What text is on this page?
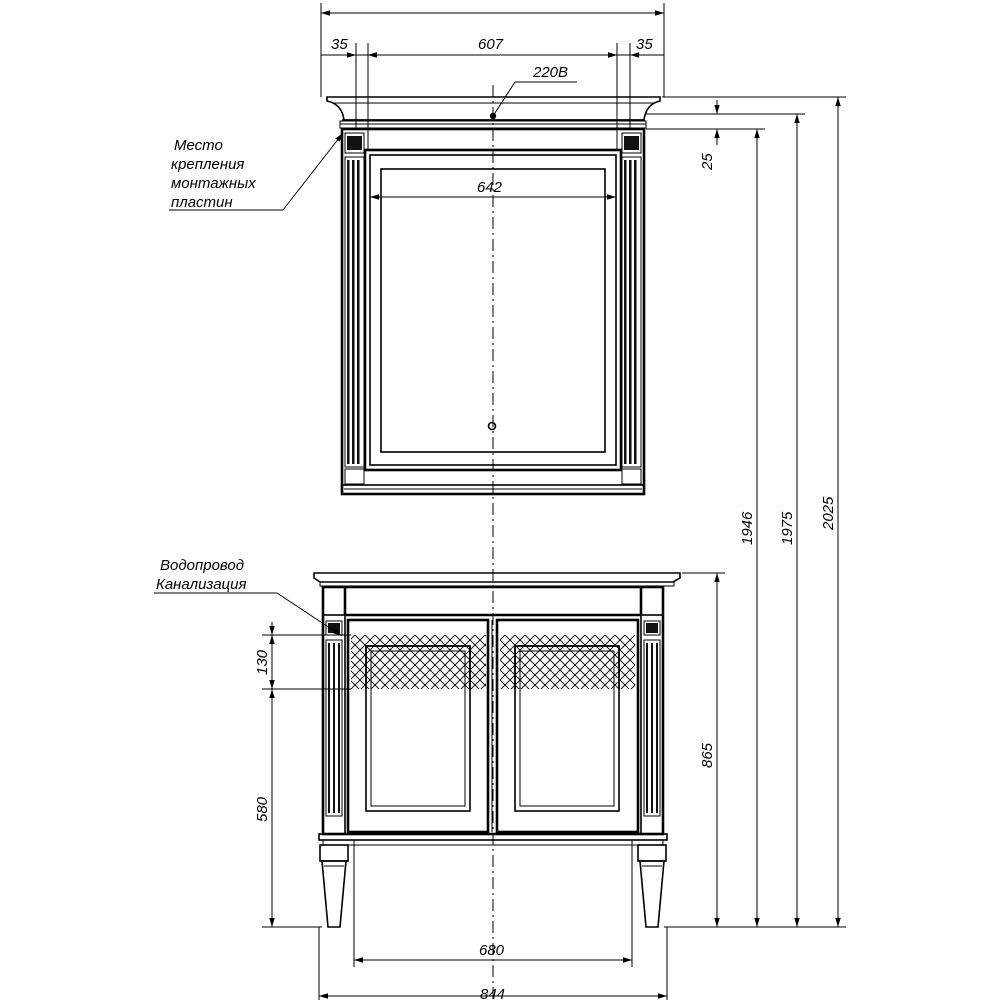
35	607	35
220В
642
25
1946 1975 2025
865
130
580
680
844
Место
крепления
монтажных
пластин
Водопровод
Канализация
